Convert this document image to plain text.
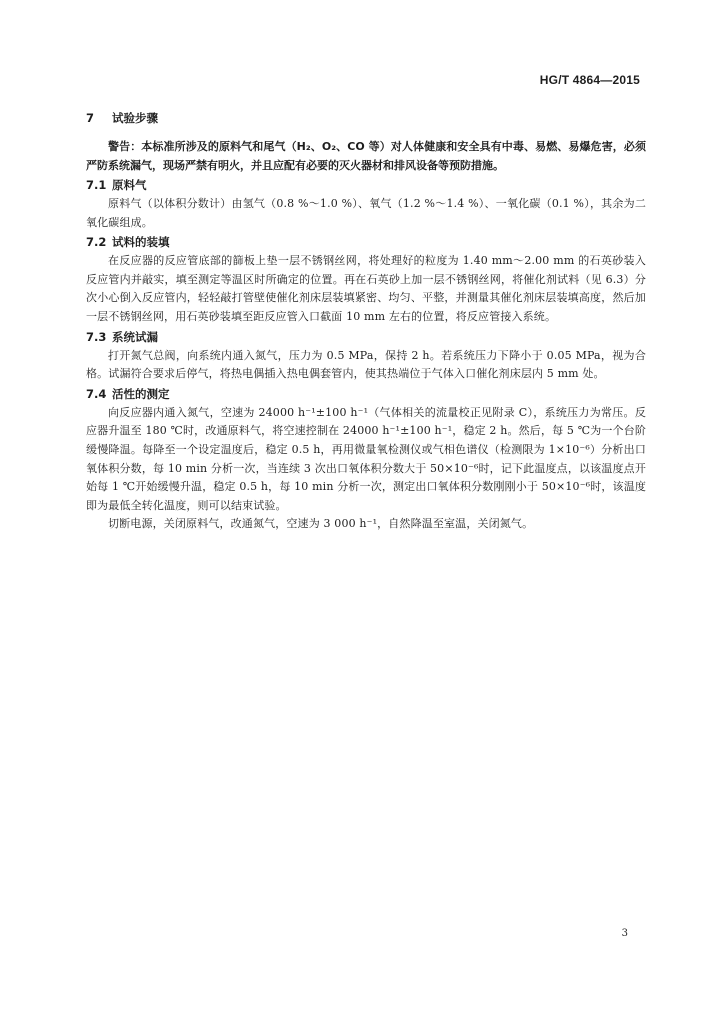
HG/T 4864—2015

7 试验步骤

警告：本标准所涉及的原料气和尾气（H₂、O₂、CO 等）对人体健康和安全具有中毒、易燃、易爆危害，必须严防系统漏气，现场严禁有明火，并且应配有必要的灭火器材和排风设备等预防措施。

7.1 原料气

原料气（以体积分数计）由氢气（0.8 %～1.0 %）、氧气（1.2 %～1.4 %）、一氧化碳（0.1 %），其余为二氧化碳组成。

7.2 试料的装填

在反应器的反应管底部的篩板上垫一层不锈钢丝网，将处理好的粒度为 1.40 mm～2.00 mm 的石英砂装入反应管内并敲实，填至测定等温区时所确定的位置。再在石英砂上加一层不锈钢丝网，将催化剂试料（见 6.3）分次小心倒入反应管内，轻轻敲打管壁使催化剂床层装填紧密、均匀、平整，并测量其催化剂床层装填高度，然后加一层不锈钢丝网，用石英砂装填至距反应管入口截面 10 mm 左右的位置，将反应管接入系统。

7.3 系统试漏

打开氮气总阀，向系统内通入氮气，压力为 0.5 MPa，保持 2 h。若系统压力下降小于 0.05 MPa，视为合格。试漏符合要求后停气，将热电偶插入热电偶套管内，使其热端位于气体入口催化剂床层内 5 mm 处。

7.4 活性的测定

向反应器内通入氮气，空速为 24000 h⁻¹±100 h⁻¹（气体相关的流量校正见附录 C），系统压力为常压。反应器升温至 180 ℃时，改通原料气，将空速控制在 24000 h⁻¹±100 h⁻¹，稳定 2 h。然后，每 5 ℃为一个台阶缓慢降温。每降至一个设定温度后，稳定 0.5 h，再用微量氧检测仪或气相色谱仪（检测限为 1×10⁻⁶）分析出口氧体积分数，每 10 min 分析一次，当连续 3 次出口氧体积分数大于 50×10⁻⁶时，记下此温度点，以该温度点开始每 1 ℃开始缓慢升温，稳定 0.5 h，每 10 min 分析一次，测定出口氧体积分数刚刚小于 50×10⁻⁶时，该温度即为最低全转化温度，则可以结束试验。

切断电源，关闭原料气，改通氮气，空速为 3 000 h⁻¹，自然降温至室温，关闭氮气。

3
